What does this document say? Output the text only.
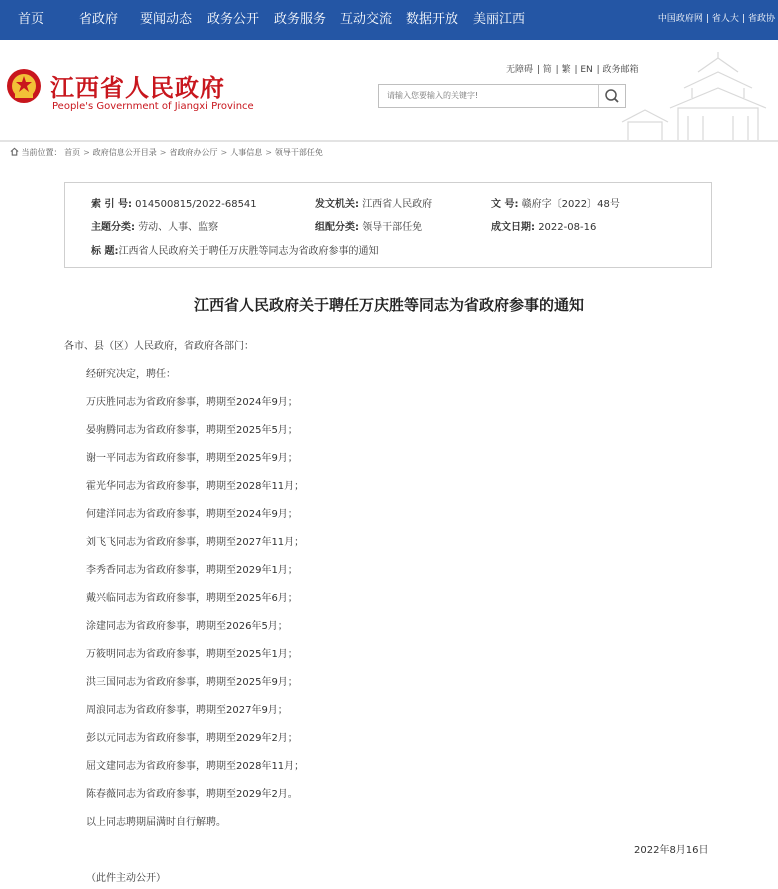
首页	省政府 要闻动态 政务公开 政务服务 互动交流 数据开放 美丽江西	中国政府网 | 省人大 | 省政协
江西省人民政府
People's Government of Jiangxi Province
无障碍 | 简 | 繁 | EN | 政务邮箱
请输入您要输入的关键字!
当前位置： 首页 > 政府信息公开目录 > 省政府办公厅 > 人事信息 > 领导干部任免
索 引 号: 014500815/2022-68541	发文机关: 江西省人民政府	文 号: 赣府字〔2022〕48号
主题分类: 劳动、人事、监察	组配分类: 领导干部任免	成文日期: 2022-08-16
标 题:江西省人民政府关于聘任万庆胜等同志为省政府参事的通知
江西省人民政府关于聘任万庆胜等同志为省政府参事的通知
各市、县（区）人民政府，省政府各部门：
经研究决定，聘任：
万庆胜同志为省政府参事，聘期至2024年9月；
晏驹腾同志为省政府参事，聘期至2025年5月；
谢一平同志为省政府参事，聘期至2025年9月；
霍光华同志为省政府参事，聘期至2028年11月；
何建洋同志为省政府参事，聘期至2024年9月；
刘飞飞同志为省政府参事，聘期至2027年11月；
李秀香同志为省政府参事，聘期至2029年1月；
戴兴临同志为省政府参事，聘期至2025年6月；
涂建同志为省政府参事，聘期至2026年5月；
万筱明同志为省政府参事，聘期至2025年1月；
洪三国同志为省政府参事，聘期至2025年9月；
周浪同志为省政府参事，聘期至2027年9月；
彭以元同志为省政府参事，聘期至2029年2月；
屈文建同志为省政府参事，聘期至2028年11月；
陈春薇同志为省政府参事，聘期至2029年2月。
以上同志聘期届满时自行解聘。
2022年8月16日
（此件主动公开）
